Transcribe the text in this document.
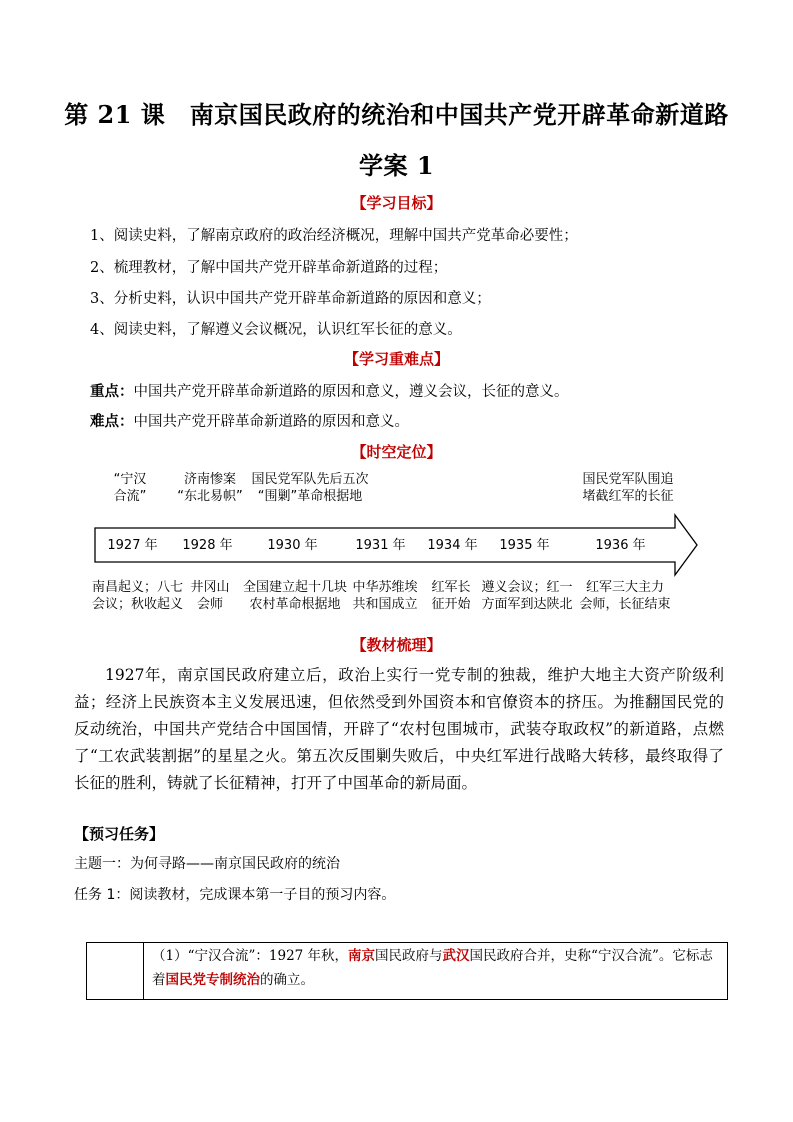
第 21 课　南京国民政府的统治和中国共产党开辟革命新道路
学案 1
【学习目标】
1、阅读史料，了解南京政府的政治经济概况，理解中国共产党革命必要性；
2、梳理教材，了解中国共产党开辟革命新道路的过程；
3、分析史料，认识中国共产党开辟革命新道路的原因和意义；
4、阅读史料，了解遵义会议概况，认识红军长征的意义。
【学习重难点】
重点：中国共产党开辟革命新道路的原因和意义，遵义会议，长征的意义。
难点：中国共产党开辟革命新道路的原因和意义。
【时空定位】
“宁汉
合流”
济南惨案
“东北易帜”
国民党军队先后五次
“围剿”革命根据地
国民党军队围追
堵截红军的长征
1927 年	1928 年	1930 年	1931 年	1934 年	1935 年	1936 年
南昌起义；八七
会议；秋收起义
井冈山
会师
全国建立起十几块
农村革命根据地
中华苏维埃
共和国成立
红军长
征开始
遵义会议；红一
方面军到达陕北
红军三大主力
会师，长征结束
【教材梳理】
1927年，南京国民政府建立后，政治上实行一党专制的独裁，维护大地主大资产阶级利益；经济上民族资本主义发展迅速，但依然受到外国资本和官僚资本的挤压。为推翻国民党的反动统治，中国共产党结合中国国情，开辟了“农村包围城市，武装夺取政权”的新道路，点燃了“工农武装割据”的星星之火。第五次反围剿失败后，中央红军进行战略大转移，最终取得了长征的胜利，铸就了长征精神，打开了中国革命的新局面。
【预习任务】
主题一：为何寻路——南京国民政府的统治
任务 1：阅读教材，完成课本第一子目的预习内容。
	（1）“宁汉合流”：1927 年秋，南京国民政府与武汉国民政府合并，史称“宁汉合流”。它标志着国民党专制统治的确立。
